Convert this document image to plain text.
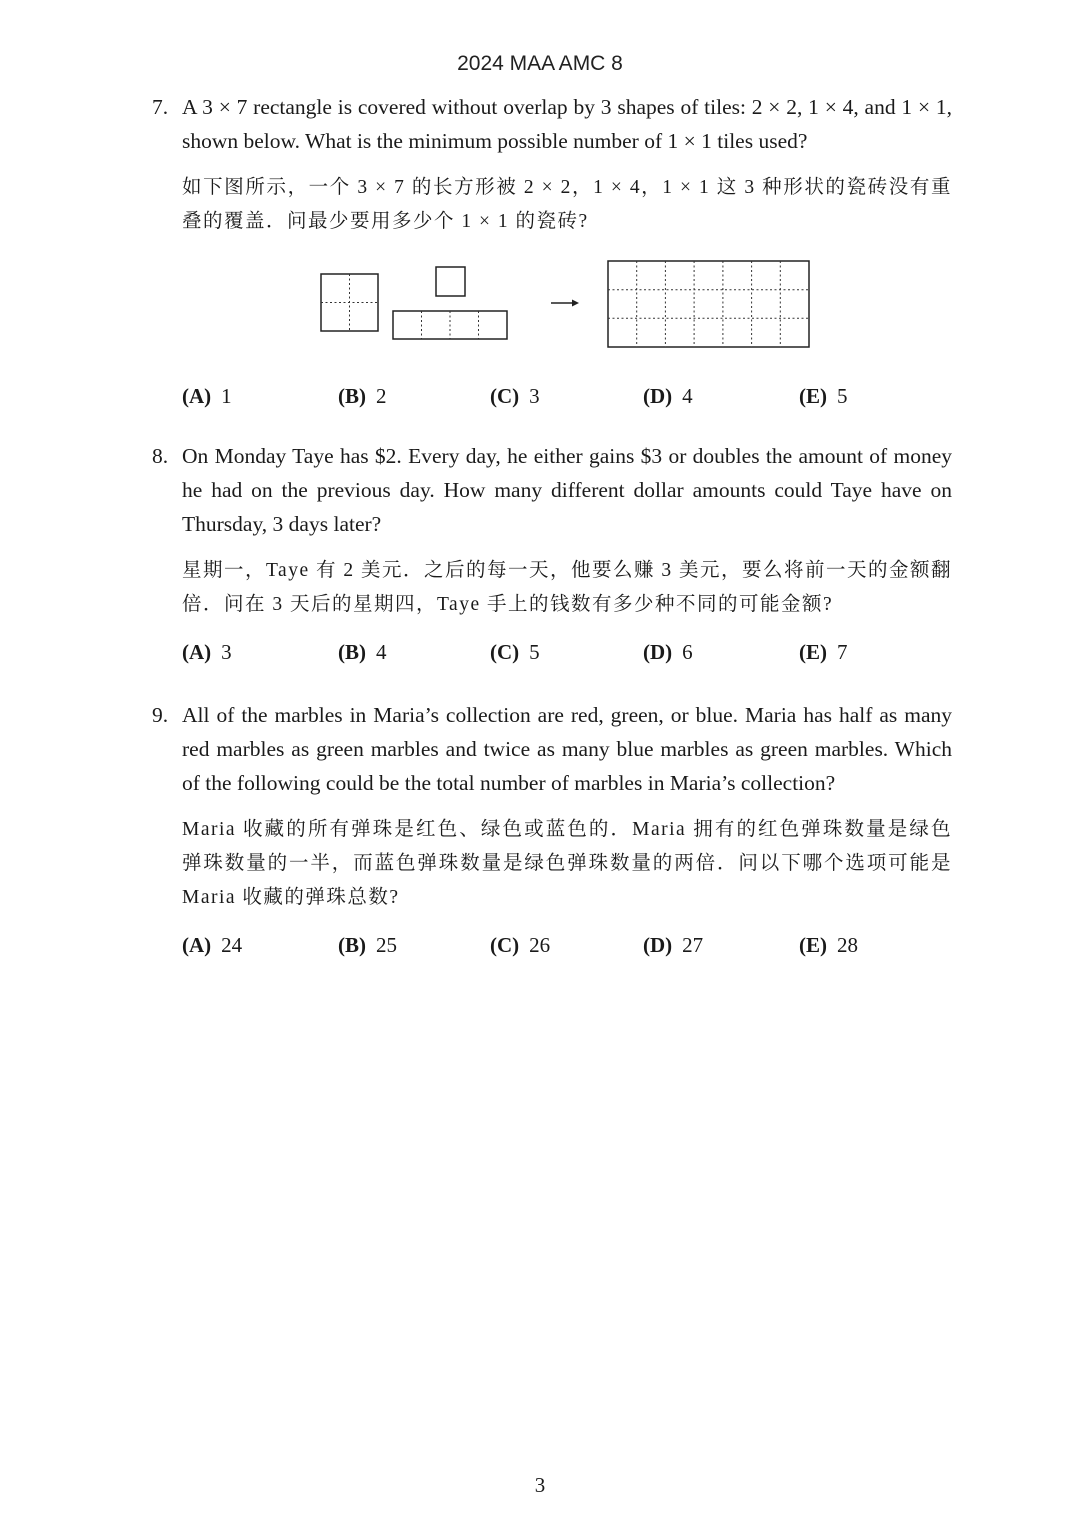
2024 MAA AMC 8
7. A 3 × 7 rectangle is covered without overlap by 3 shapes of tiles: 2 × 2, 1 × 4, and 1 × 1, shown below. What is the minimum possible number of 1 × 1 tiles used?
如下图所示，一个 3 × 7 的长方形被 2 × 2，1 × 4，1 × 1 这 3 种形状的瓷砖没有重叠的覆盖．问最少要用多少个 1 × 1 的瓷砖?
(A) 1	(B) 2	(C) 3	(D) 4	(E) 5
8. On Monday Taye has $2. Every day, he either gains $3 or doubles the amount of money he had on the previous day. How many different dollar amounts could Taye have on Thursday, 3 days later?
星期一，Taye 有 2 美元．之后的每一天，他要么赚 3 美元，要么将前一天的金额翻倍．问在 3 天后的星期四，Taye 手上的钱数有多少种不同的可能金额?
(A) 3	(B) 4	(C) 5	(D) 6	(E) 7
9. All of the marbles in Maria’s collection are red, green, or blue. Maria has half as many red marbles as green marbles and twice as many blue marbles as green marbles. Which of the following could be the total number of marbles in Maria’s collection?
Maria 收藏的所有弹珠是红色、绿色或蓝色的．Maria 拥有的红色弹珠数量是绿色弹珠数量的一半，而蓝色弹珠数量是绿色弹珠数量的两倍．问以下哪个选项可能是 Maria 收藏的弹珠总数?
(A) 24	(B) 25	(C) 26	(D) 27	(E) 28
3
